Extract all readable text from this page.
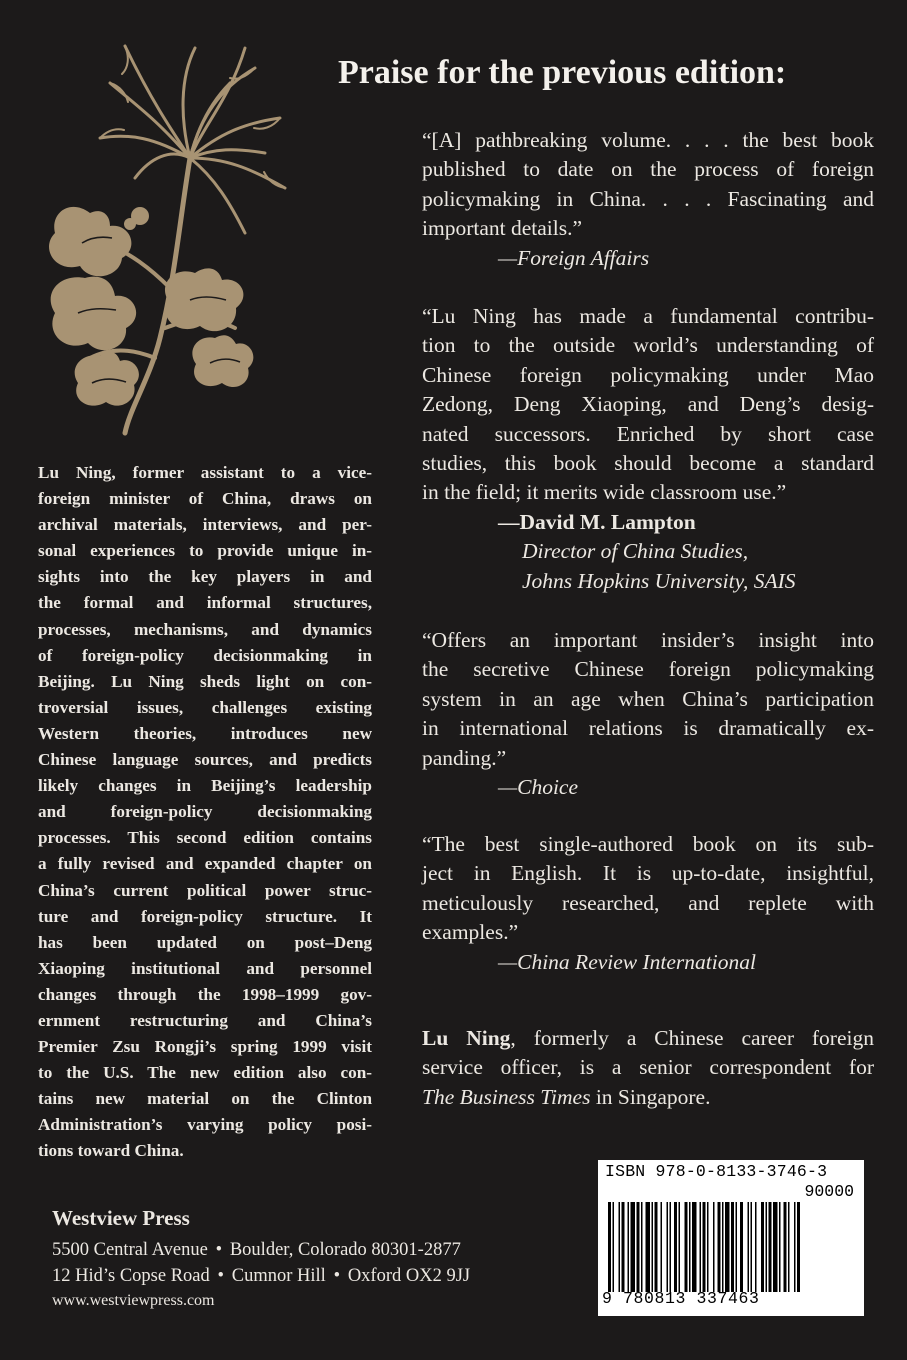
Praise for the previous edition:

“[A] pathbreaking volume. . . . the best book

published to date on the process of foreign

policymaking in China. . . . Fascinating and

important details.”

—Foreign Affairs

“Lu Ning has made a fundamental contribu-

tion to the outside world’s understanding of

Chinese foreign policymaking under Mao

Zedong, Deng Xiaoping, and Deng’s desig-

nated successors. Enriched by short case

studies, this book should become a standard

in the field; it merits wide classroom use.”

—David M. Lampton

Director of China Studies,

Johns Hopkins University, SAIS

“Offers an important insider’s insight into

the secretive Chinese foreign policymaking

system in an age when China’s participation

in international relations is dramatically ex-

panding.”

—Choice

“The best single-authored book on its sub-

ject in English. It is up-to-date, insightful,

meticulously researched, and replete with

examples.”

—China Review International

Lu Ning, formerly a Chinese career foreign
service officer, is a senior correspondent for
The Business Times in Singapore.
Lu Ning, former assistant to a vice-
foreign minister of China, draws on
archival materials, interviews, and per-
sonal experiences to provide unique in-
sights into the key players in and
the formal and informal structures,
processes, mechanisms, and dynamics
of foreign-policy decisionmaking in
Beijing. Lu Ning sheds light on con-
troversial issues, challenges existing
Western theories, introduces new
Chinese language sources, and predicts
likely changes in Beijing’s leadership
and foreign-policy decisionmaking
processes. This second edition contains
a fully revised and expanded chapter on
China’s current political power struc-
ture and foreign-policy structure. It
has been updated on post–Deng
Xiaoping institutional and personnel
changes through the 1998–1999 gov-
ernment restructuring and China’s
Premier Zsu Rongji’s spring 1999 visit
to the U.S. The new edition also con-
tains new material on the Clinton
Administration’s varying policy posi-
tions toward China.

Westview Press

5500 Central Avenue • Boulder, Colorado 80301-2877

12 Hid’s Copse Road • Cumnor Hill • Oxford OX2 9JJ

www.westviewpress.com

ISBN 978-0-8133-3746-3
90000
9 780813 337463
